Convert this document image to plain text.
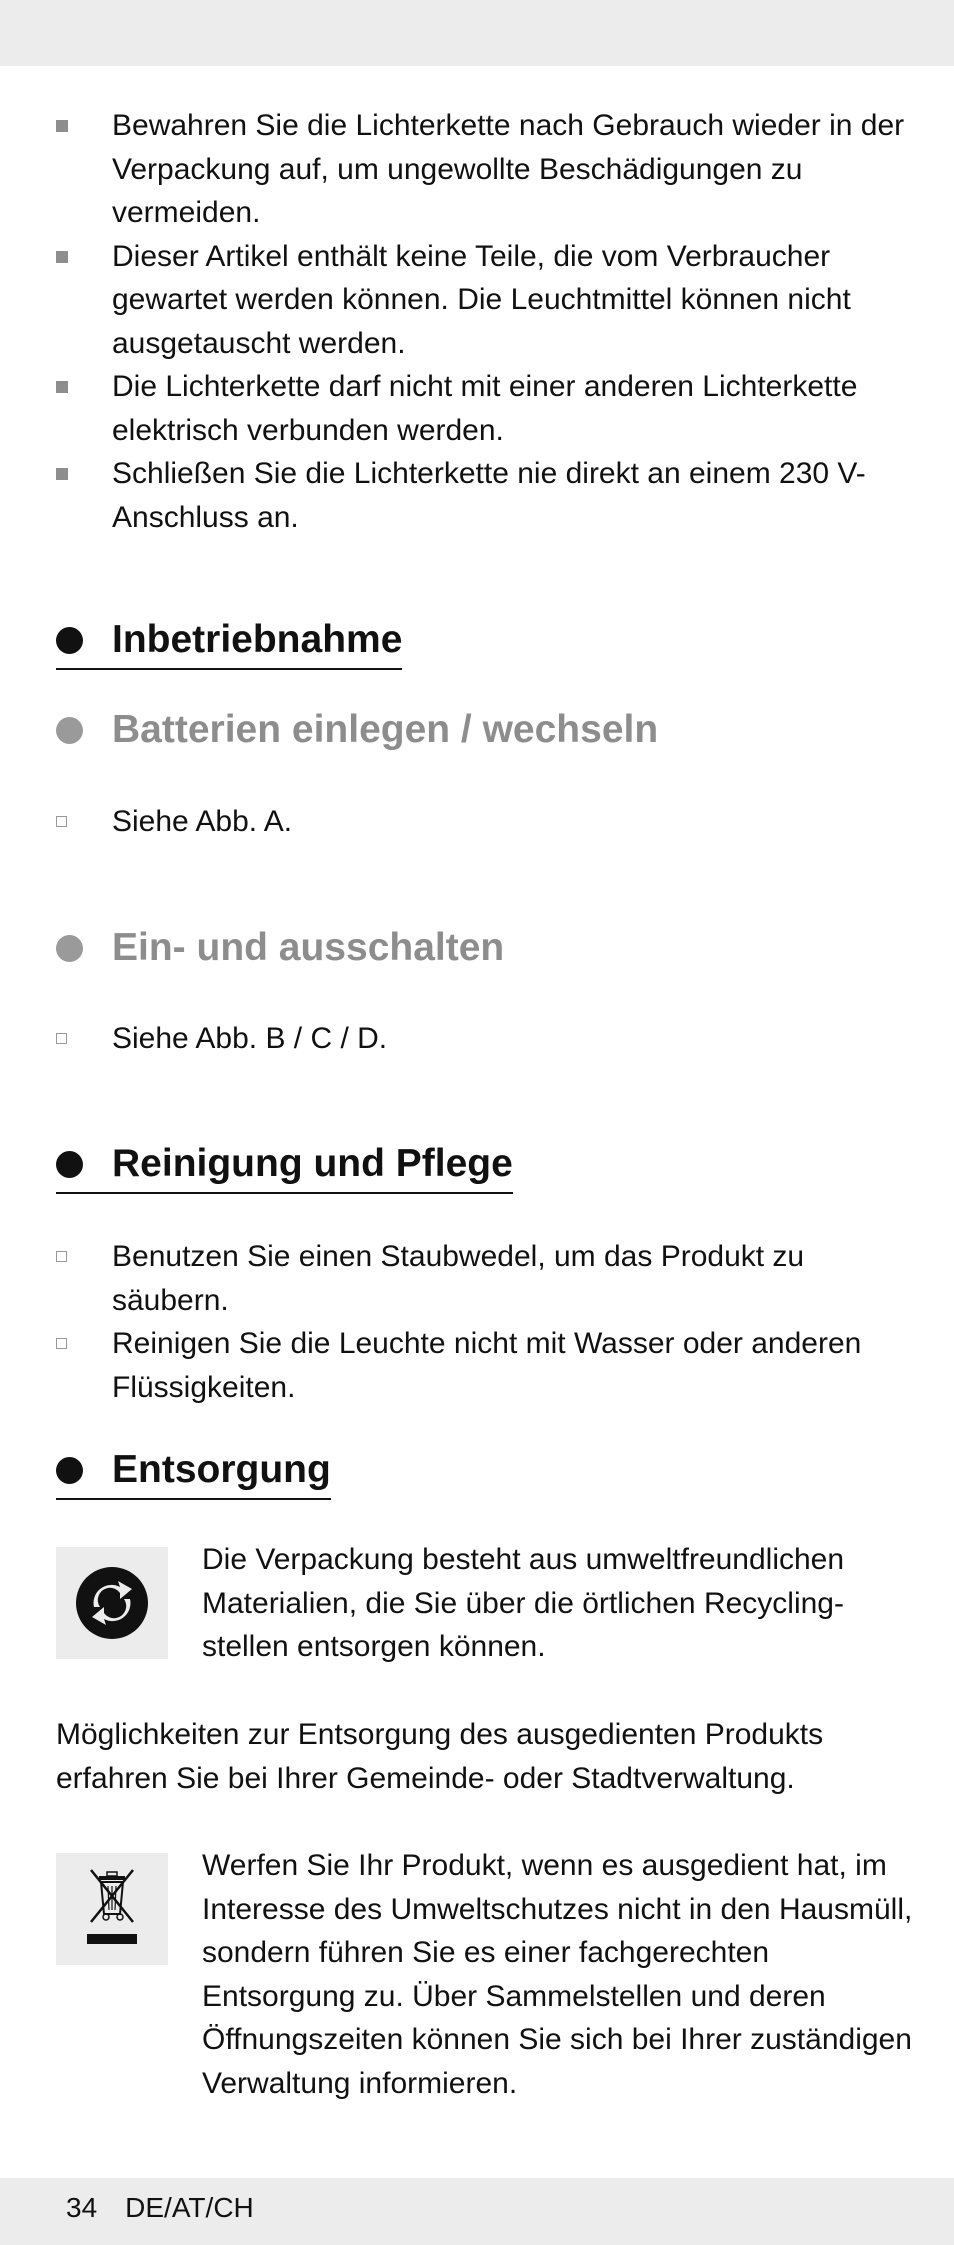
Bewahren Sie die Lichterkette nach Gebrauch wieder in der Verpackung auf, um ungewollte Beschädigungen zu vermeiden.
Dieser Artikel enthält keine Teile, die vom Verbraucher gewartet werden können. Die Leuchtmittel können nicht ausgetauscht werden.
Die Lichterkette darf nicht mit einer anderen Lichterkette elektrisch verbunden werden.
Schließen Sie die Lichterkette nie direkt an einem 230 V-Anschluss an.
Inbetriebnahme
Batterien einlegen / wechseln
Siehe Abb. A.
Ein- und ausschalten
Siehe Abb. B / C / D.
Reinigung und Pflege
Benutzen Sie einen Staubwedel, um das Produkt zu säubern.
Reinigen Sie die Leuchte nicht mit Wasser oder anderen Flüssigkeiten.
Entsorgung
Die Verpackung besteht aus umweltfreundlichen Materialien, die Sie über die örtlichen Recycling-stellen entsorgen können.
Möglichkeiten zur Entsorgung des ausgedienten Produkts erfahren Sie bei Ihrer Gemeinde- oder Stadtverwaltung.
Werfen Sie Ihr Produkt, wenn es ausgedient hat, im Interesse des Umweltschutzes nicht in den Hausmüll, sondern führen Sie es einer fachgerechten Entsorgung zu. Über Sammelstellen und deren Öffnungszeiten können Sie sich bei Ihrer zuständigen Verwaltung informieren.
34 DE/AT/CH
